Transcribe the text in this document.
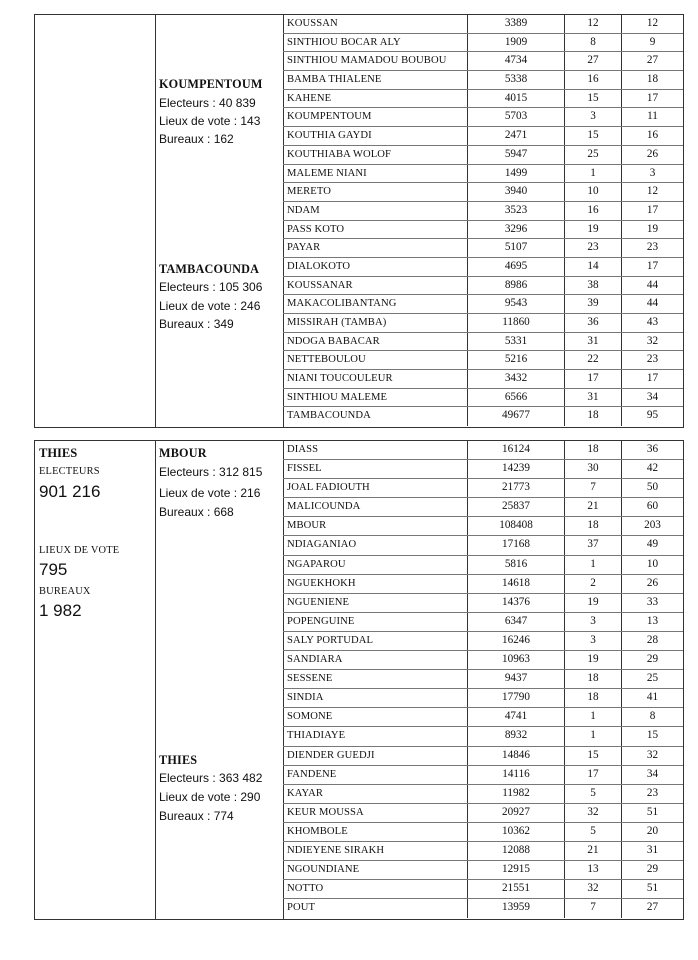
KOUMPENTOUM
Electeurs : 40 839
Lieux de vote : 143
Bureaux : 162
TAMBACOUNDA
Electeurs : 105 306
Lieux de vote : 246
Bureaux : 349
KOUSSAN	3389	12	12
SINTHIOU BOCAR ALY	1909	8	9
SINTHIOU MAMADOU BOUBOU	4734	27	27
BAMBA THIALENE	5338	16	18
KAHENE	4015	15	17
KOUMPENTOUM	5703	3	11
KOUTHIA GAYDI	2471	15	16
KOUTHIABA WOLOF	5947	25	26
MALEME NIANI	1499	1	3
MERETO	3940	10	12
NDAM	3523	16	17
PASS KOTO	3296	19	19
PAYAR	5107	23	23
DIALOKOTO	4695	14	17
KOUSSANAR	8986	38	44
MAKACOLIBANTANG	9543	39	44
MISSIRAH (TAMBA)	11860	36	43
NDOGA BABACAR	5331	31	32
NETTEBOULOU	5216	22	23
NIANI TOUCOULEUR	3432	17	17
SINTHIOU MALEME	6566	31	34
TAMBACOUNDA	49677	18	95
THIES
ELECTEURS
901 216
LIEUX DE VOTE
795
BUREAUX
1 982
MBOUR
Electeurs : 312 815
Lieux de vote : 216
Bureaux : 668
THIES
Electeurs : 363 482
Lieux de vote : 290
Bureaux : 774
DIASS	16124	18	36
FISSEL	14239	30	42
JOAL FADIOUTH	21773	7	50
MALICOUNDA	25837	21	60
MBOUR	108408	18	203
NDIAGANIAO	17168	37	49
NGAPAROU	5816	1	10
NGUEKHOKH	14618	2	26
NGUENIENE	14376	19	33
POPENGUINE	6347	3	13
SALY PORTUDAL	16246	3	28
SANDIARA	10963	19	29
SESSENE	9437	18	25
SINDIA	17790	18	41
SOMONE	4741	1	8
THIADIAYE	8932	1	15
DIENDER GUEDJI	14846	15	32
FANDENE	14116	17	34
KAYAR	11982	5	23
KEUR MOUSSA	20927	32	51
KHOMBOLE	10362	5	20
NDIEYENE SIRAKH	12088	21	31
NGOUNDIANE	12915	13	29
NOTTO	21551	32	51
POUT	13959	7	27
